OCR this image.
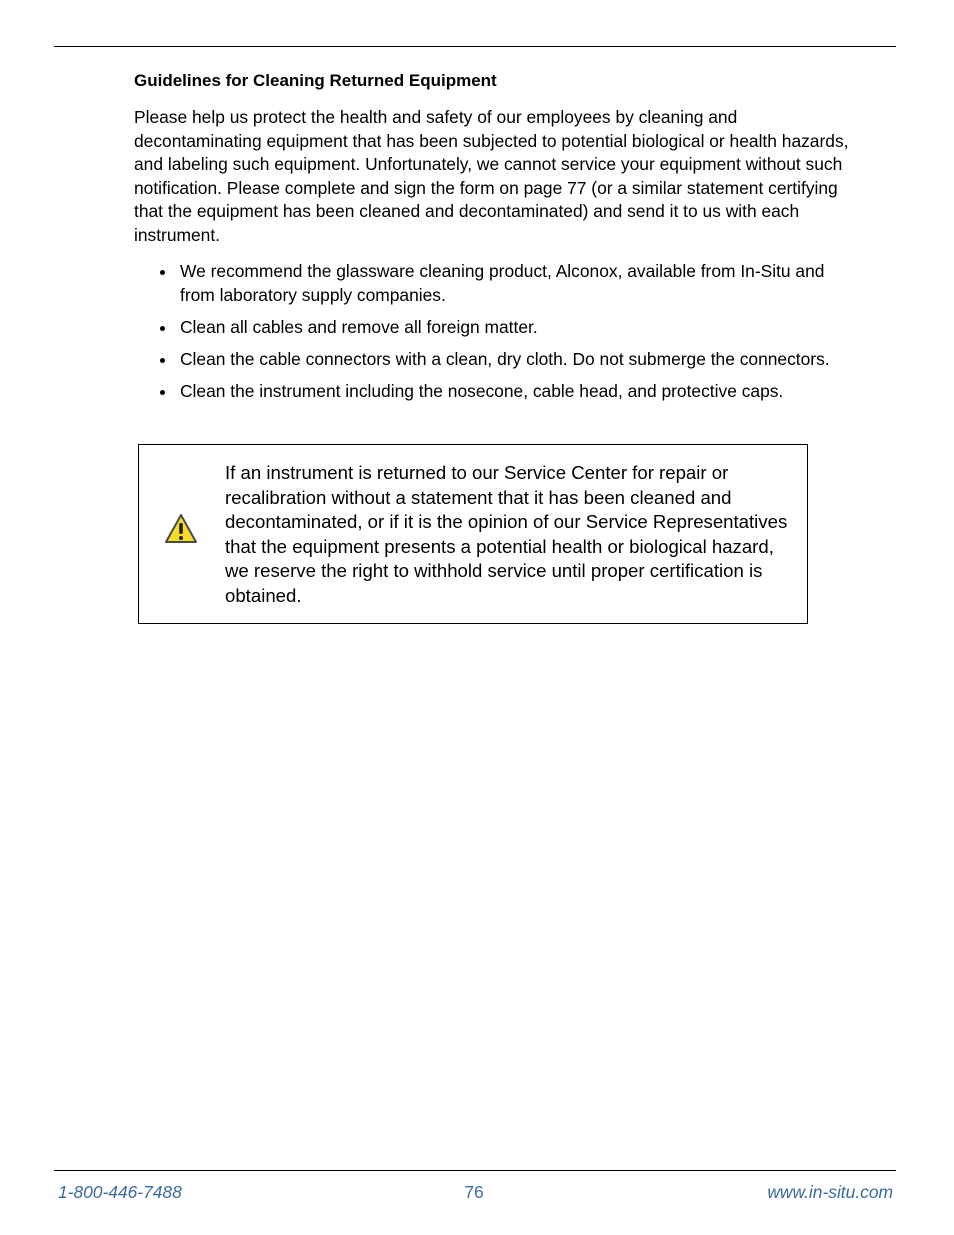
Guidelines for Cleaning Returned Equipment

Please help us protect the health and safety of our employees by cleaning and decontaminating equipment that has been subjected to potential biological or health hazards, and labeling such equipment. Unfortunately, we cannot service your equipment without such notification. Please complete and sign the form on page 77 (or a similar statement certifying that the equipment has been cleaned and decontaminated) and send it to us with each instrument.

We recommend the glassware cleaning product, Alconox, available from In-Situ and from laboratory supply companies.
Clean all cables and remove all foreign matter.
Clean the cable connectors with a clean, dry cloth. Do not submerge the connectors.
Clean the instrument including the nosecone, cable head, and protective caps.

If an instrument is returned to our Service Center for repair or recalibration without a statement that it has been cleaned and decontaminated, or if it is the opinion of our Service Representatives that the equipment presents a potential health or biological hazard, we reserve the right to withhold service until proper certification is obtained.

1-800-446-7488	76	www.in-situ.com
